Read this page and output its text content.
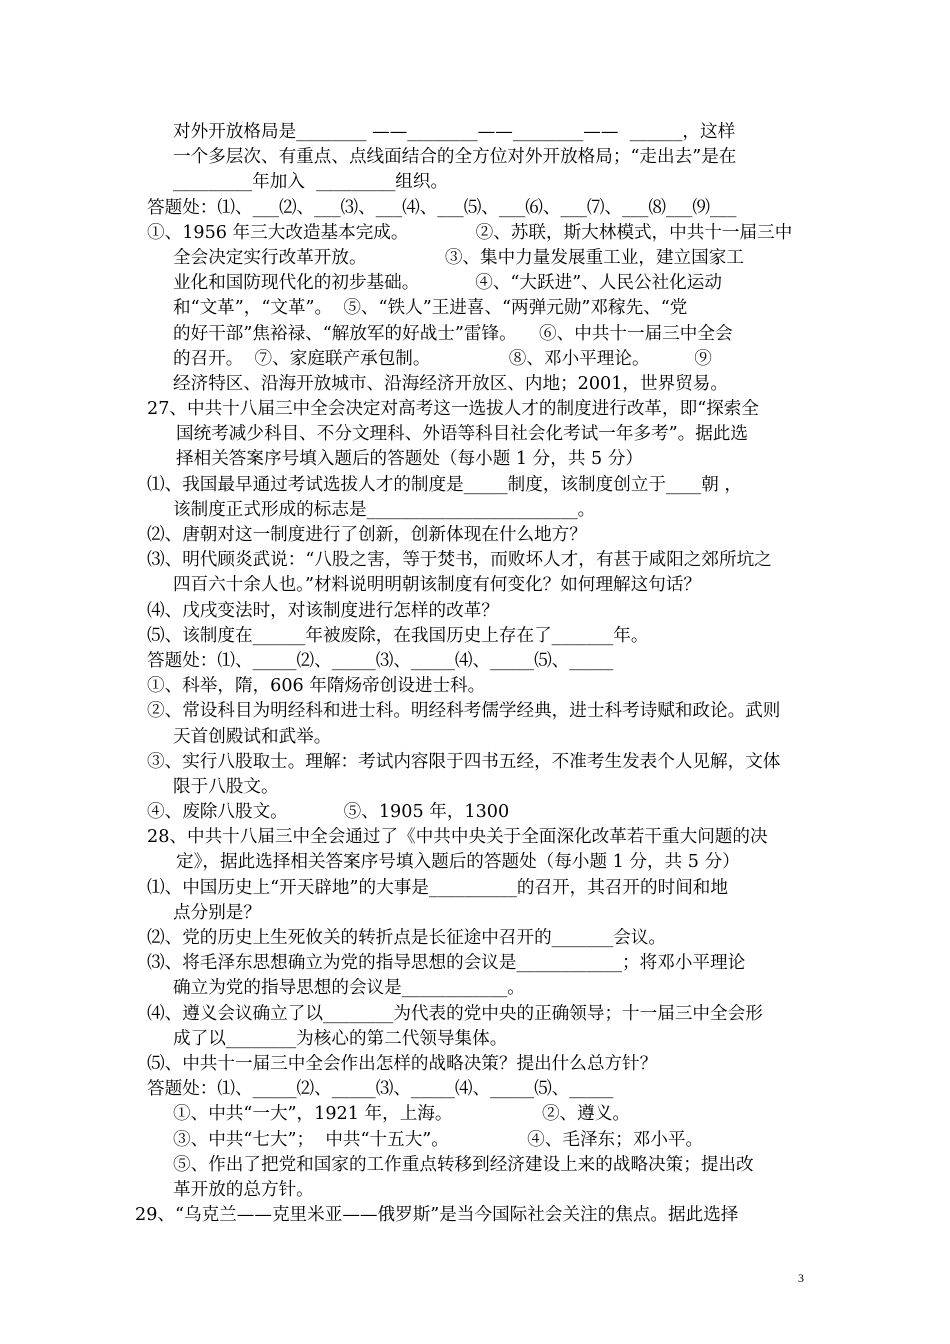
对外开放格局是________ ——________——________——  ______，这样
一个多层次、有重点、点线面结合的全方位对外开放格局；“走出去”是在
_________年加入  _________组织。
答题处：⑴、___⑵、___⑶、___⑷、___⑸、___⑹、___⑺、___⑻___⑼___
①、1956 年三大改造基本完成。            ②、苏联，斯大林模式，中共十一届三中
全会决定实行改革开放。              ③、集中力量发展重工业，建立国家工
业化和国防现代化的初步基础。          ④、“大跃进”、人民公社化运动
和“文革”，“文革”。  ⑤、“铁人”王进喜、“两弹元勋”邓稼先、“党
的好干部”焦裕禄、“解放军的好战士”雷锋。    ⑥、中共十一届三中全会
的召开。  ⑦、家庭联产承包制。              ⑧、邓小平理论。        ⑨
经济特区、沿海开放城市、沿海经济开放区、内地；2001，世界贸易。
27、中共十八届三中全会决定对高考这一选拔人才的制度进行改革，即“探索全
国统考减少科目、不分文理科、外语等科目社会化考试一年多考”。据此选
择相关答案序号填入题后的答题处（每小题 1 分，共 5 分）
⑴、我国最早通过考试选拔人才的制度是_____制度，该制度创立于____朝 ，
该制度正式形成的标志是________________________。
⑵、唐朝对这一制度进行了创新，创新体现在什么地方？
⑶、明代顾炎武说：“八股之害，等于焚书，而败坏人才，有甚于咸阳之郊所坑之
四百六十余人也。”材料说明明朝该制度有何变化？如何理解这句话？
⑷、戊戌变法时，对该制度进行怎样的改革？
⑸、该制度在______年被废除，在我国历史上存在了_______年。
答题处：⑴、_____⑵、_____⑶、_____⑷、_____⑸、_____
①、科举，隋，606 年隋炀帝创设进士科。
②、常设科目为明经科和进士科。明经科考儒学经典，进士科考诗赋和政论。武则
天首创殿试和武举。
③、实行八股取士。理解：考试内容限于四书五经，不准考生发表个人见解，文体
限于八股文。
④、废除八股文。          ⑤、1905 年，1300
28、中共十八届三中全会通过了《中共中央关于全面深化改革若干重大问题的决
定》，据此选择相关答案序号填入题后的答题处（每小题 1 分，共 5 分）
⑴、中国历史上“开天辟地”的大事是__________的召开，其召开的时间和地
点分别是？
⑵、党的历史上生死攸关的转折点是长征途中召开的_______会议。
⑶、将毛泽东思想确立为党的指导思想的会议是____________；将邓小平理论
确立为党的指导思想的会议是____________。
⑷、遵义会议确立了以________为代表的党中央的正确领导；十一届三中全会形
成了以________为核心的第二代领导集体。
⑸、中共十一届三中全会作出怎样的战略决策？提出什么总方针？
答题处：⑴、_____⑵、_____⑶、_____⑷、_____⑸、_____
①、中共“一大”，1921 年，上海。                ②、遵义。
③、中共“七大”；  中共“十五大”。              ④、毛泽东；邓小平。
⑤、作出了把党和国家的工作重点转移到经济建设上来的战略决策；提出改
革开放的总方针。
29、“乌克兰——克里米亚——俄罗斯”是当今国际社会关注的焦点。据此选择
3
